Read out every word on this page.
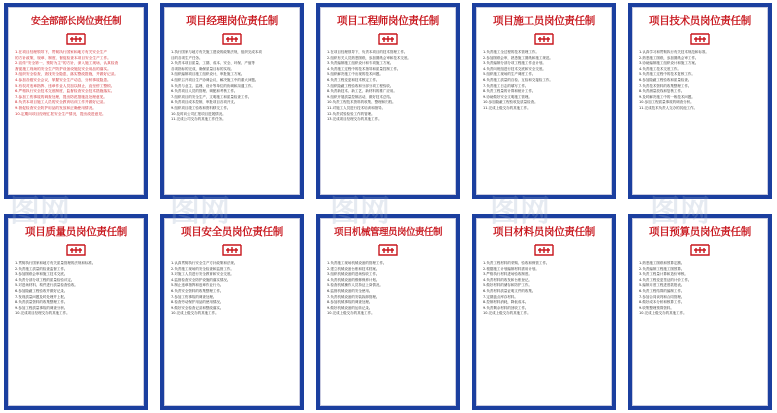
安全部部长岗位责任制
1.在项目经理领导下，贯彻执行国家和地方有关安全生产
的方针政策，规章、制度，督促检查本项目安全生产工作。
2.宣传“安全第一，预防为主”的方针，深入施工现场，认真检查
督促施工现场的安全生产防护设备设施及安全用品的落实。
3.组织安全检查，查找安全隐患，落实整改措施，并做好记录。
4.参加各级安全会议，掌握安全生产动态，分析事故隐患。
5.有权对违章指挥、违章作业人员加以制止，直至停工整顿。
6.严格执行安全技术交底制度，监督检查安全技术措施落实。
7.参加工伤事故的调查处理，提出防范措施及处理意见。
8.负责本项目施工人员的安全教育培训工作并做好记录。
9.督促检查安全防护用品的发放和正确使用情况。
10.定期向项目经理汇报安全生产情况，提出改进意见。
项目经理岗位责任制
1.执行国家与地方有关施工建设的政策法规，组织完成本项
目的各项生产任务。
2.负责本项目质量、工期、成本、安全、环保、产值等
各项指标的完成，确保质量目标的实现。
3.组织编制项目施工组织设计，审批施工方案。
4.组织召开项目生产协调会议，解决施工中的重大问题。
5.负责与业主、监理、设计等单位的协调和沟通工作。
6.负责项目人员的管理、调配和考核工作。
7.组织项目的安全生产、文明施工和质量检查工作。
8.负责项目成本控制，审批项目各项开支。
9.组织项目竣工验收和资料移交工作。
10.及时向公司汇报项目进展情况。
11.完成公司交办的其他工作任务。
项目工程师岗位责任制
1.在项目经理领导下，负责本项目的技术管理工作。
2.组织有关人员熟悉图纸，参加图纸会审和技术交底。
3.负责编制施工组织设计和专项施工方案。
4.负责施工过程中的技术指导和质量控制工作。
5.组织解决施工中出现的技术问题。
6.负责工程变更和技术核定工作。
7.组织隐蔽工程验收和分部分项工程验收。
8.负责新技术、新工艺、新材料的推广应用。
9.组织开展质量控制活动，做好技术总结。
10.负责工程技术资料的收集、整理和归档。
11.对施工人员进行技术培训和指导。
12.负责试验检验工作的管理。
13.完成项目经理交办的其他工作。
项目施工员岗位责任制
1.负责施工全过程的技术管理工作。
2.参加图纸会审，熟悉施工图纸和施工规范。
3.负责编制分部分项工程施工作业计划。
4.负责向班组进行技术交底和安全交底。
5.组织施工现场的生产调度工作。
6.负责施工质量的自检、互检和交接检工作。
7.负责施工日志的填写工作。
8.负责工程量的计算和统计工作。
9.协助做好安全文明施工管理。
10.参加隐蔽工程验收及质量检查。
11.完成上级交办的其他工作。
项目技术员岗位责任制
1.认真学习和贯彻执行有关技术规范和标准。
2.熟悉施工图纸，参加图纸会审工作。
3.协助编制施工组织设计和施工方案。
4.负责施工技术交底工作。
5.负责施工过程中的技术复核工作。
6.参加隐蔽工程验收和质量检查。
7.负责技术资料的收集整理工作。
8.负责测量放线和复核工作。
9.及时解决施工中的一般技术问题。
10.参加工程质量事故的调查分析。
11.完成技术负责人交办的其他工作。
项目质量员岗位责任制
1.贯彻执行国家和地方有关质量管理的法规和标准。
2.负责施工质量的检查监督工作。
3.参加图纸会审和施工技术交底。
4.负责分部分项工程的质量检验评定。
5.对进场材料、构件进行质量检查验收。
6.参加隐蔽工程验收并做好记录。
7.发现质量问题及时处理并上报。
8.负责质量资料的收集整理工作。
9.参加工程质量事故的调查分析。
10.完成项目经理交办的其他工作。
项目安全员岗位责任制
1.认真贯彻执行安全生产方针政策和法规。
2.负责施工现场的安全检查和监督工作。
3.对施工人员进行安全教育和安全交底。
4.监督检查安全防护设施的落实情况。
5.制止违章指挥和违章作业行为。
6.负责安全资料的收集整理工作。
7.参加工伤事故的调查处理。
8.检查劳动保护用品的使用情况。
9.做好安全检查记录和整改落实。
10.完成上级交办的其他工作。
项目机械管理员岗位责任制
1.负责施工现场机械设备的管理工作。
2.建立机械设备台账和技术档案。
3.组织机械设备的进场验收工作。
4.负责机械设备的维修保养计划。
5.检查机械操作人员持证上岗情况。
6.监督机械设备的安全使用。
7.负责机械设备的安装拆卸管理。
8.参加机械事故的调查处理。
9.做好机械设备的运转记录。
10.完成上级交办的其他工作。
项目材料员岗位责任制
1.负责工程材料的采购、验收和保管工作。
2.根据施工计划编制材料需用计划。
3.严格执行材料进场验收制度。
4.负责材料的收发和台账登记。
5.做好材料的储存和防护工作。
6.负责材料质量证明文件的收集。
7.定期盘点库存材料。
8.控制材料消耗，降低成本。
9.负责剩余材料的回收工作。
10.完成上级交办的其他工作。
项目预算员岗位责任制
1.熟悉施工图纸和预算定额。
2.负责编制工程施工图预算。
3.负责工程量计算和造价审核。
4.负责工程变更签证的计价工作。
5.编制月度工程进度款报表。
6.负责工程结算的编制工作。
7.参加合同谈判和合同管理。
8.做好成本分析和核算工作。
9.收集整理预算资料。
10.完成上级交办的其他工作。
图网	图网	图网	图网	图网
